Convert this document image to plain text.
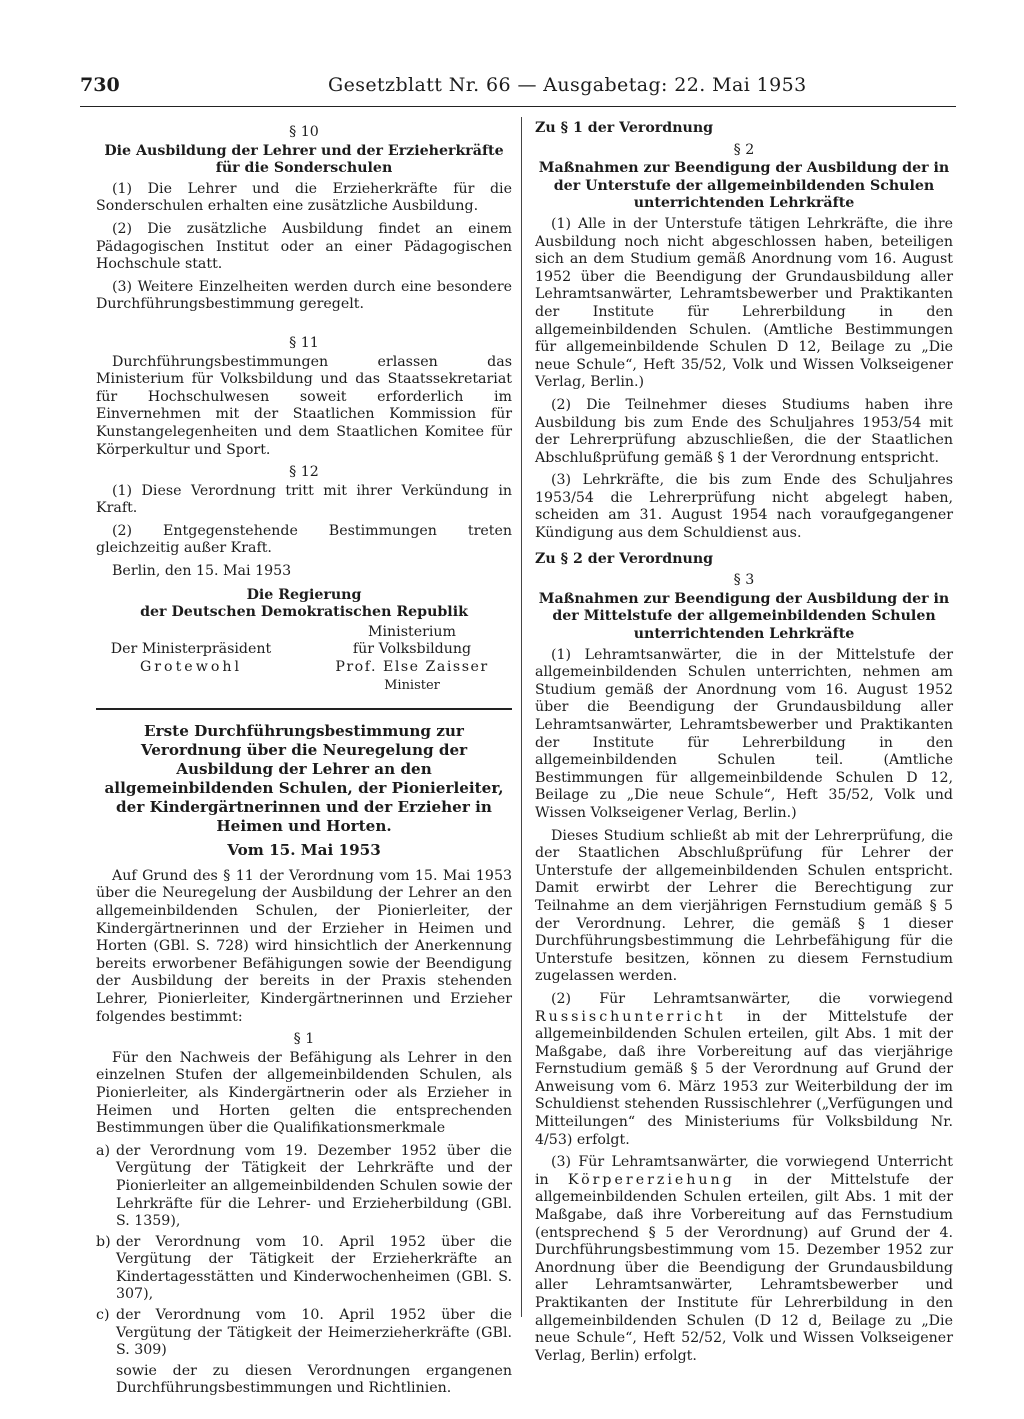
730	Gesetzblatt Nr. 66 — Ausgabetag: 22. Mai 1953

§ 10

Die Ausbildung der Lehrer und der Erzieherkräfte für die Sonderschulen

(1) Die Lehrer und die Erzieherkräfte für die Sonderschulen erhalten eine zusätzliche Ausbildung.

(2) Die zusätzliche Ausbildung findet an einem Pädagogischen Institut oder an einer Pädagogischen Hochschule statt.

(3) Weitere Einzelheiten werden durch eine besondere Durchführungsbestimmung geregelt.

§ 11

Durchführungsbestimmungen erlassen das Ministerium für Volksbildung und das Staatssekretariat für Hochschulwesen soweit erforderlich im Einvernehmen mit der Staatlichen Kommission für Kunstangelegenheiten und dem Staatlichen Komitee für Körperkultur und Sport.

§ 12

(1) Diese Verordnung tritt mit ihrer Verkündung in Kraft.

(2) Entgegenstehende Bestimmungen treten gleichzeitig außer Kraft.

Berlin, den 15. Mai 1953

Die Regierung
der Deutschen Demokratischen Republik
Der Ministerpräsident
Grotewohl
Ministerium
für Volksbildung
Prof. Else Zaisser
Minister

Erste Durchführungsbestimmung zur Verordnung über die Neuregelung der Ausbildung der Lehrer an den allgemeinbildenden Schulen, der Pionierleiter, der Kindergärtnerinnen und der Erzieher in Heimen und Horten.

Vom 15. Mai 1953

Auf Grund des § 11 der Verordnung vom 15. Mai 1953 über die Neuregelung der Ausbildung der Lehrer an den allgemeinbildenden Schulen, der Pionierleiter, der Kindergärtnerinnen und der Erzieher in Heimen und Horten (GBl. S. 728) wird hinsichtlich der Anerkennung bereits erworbener Befähigungen sowie der Beendigung der Ausbildung der bereits in der Praxis stehenden Lehrer, Pionierleiter, Kindergärtnerinnen und Erzieher folgendes bestimmt:

§ 1

Für den Nachweis der Befähigung als Lehrer in den einzelnen Stufen der allgemeinbildenden Schulen, als Pionierleiter, als Kindergärtnerin oder als Erzieher in Heimen und Horten gelten die entsprechenden Bestimmungen über die Qualifikationsmerkmale

a) der Verordnung vom 19. Dezember 1952 über die Vergütung der Tätigkeit der Lehrkräfte und der Pionierleiter an allgemeinbildenden Schulen sowie der Lehrkräfte für die Lehrer- und Erzieherbildung (GBl. S. 1359),

b) der Verordnung vom 10. April 1952 über die Vergütung der Tätigkeit der Erzieherkräfte an Kindertagesstätten und Kinderwochenheimen (GBl. S. 307),

c) der Verordnung vom 10. April 1952 über die Vergütung der Tätigkeit der Heimerzieherkräfte (GBl. S. 309)

sowie der zu diesen Verordnungen ergangenen Durchführungsbestimmungen und Richtlinien.

Zu § 1 der Verordnung

§ 2

Maßnahmen zur Beendigung der Ausbildung der in der Unterstufe der allgemeinbildenden Schulen unterrichtenden Lehrkräfte

(1) Alle in der Unterstufe tätigen Lehrkräfte, die ihre Ausbildung noch nicht abgeschlossen haben, beteiligen sich an dem Studium gemäß Anordnung vom 16. August 1952 über die Beendigung der Grundausbildung aller Lehramtsanwärter, Lehramtsbewerber und Praktikanten der Institute für Lehrerbildung in den allgemeinbildenden Schulen. (Amtliche Bestimmungen für allgemeinbildende Schulen D 12, Beilage zu „Die neue Schule“, Heft 35/52, Volk und Wissen Volkseigener Verlag, Berlin.)

(2) Die Teilnehmer dieses Studiums haben ihre Ausbildung bis zum Ende des Schuljahres 1953/54 mit der Lehrerprüfung abzuschließen, die der Staatlichen Abschlußprüfung gemäß § 1 der Verordnung entspricht.

(3) Lehrkräfte, die bis zum Ende des Schuljahres 1953/54 die Lehrerprüfung nicht abgelegt haben, scheiden am 31. August 1954 nach voraufgegangener Kündigung aus dem Schuldienst aus.

Zu § 2 der Verordnung

§ 3

Maßnahmen zur Beendigung der Ausbildung der in der Mittelstufe der allgemeinbildenden Schulen unterrichtenden Lehrkräfte

(1) Lehramtsanwärter, die in der Mittelstufe der allgemeinbildenden Schulen unterrichten, nehmen am Studium gemäß der Anordnung vom 16. August 1952 über die Beendigung der Grundausbildung aller Lehramtsanwärter, Lehramtsbewerber und Praktikanten der Institute für Lehrerbildung in den allgemeinbildenden Schulen teil. (Amtliche Bestimmungen für allgemeinbildende Schulen D 12, Beilage zu „Die neue Schule“, Heft 35/52, Volk und Wissen Volkseigener Verlag, Berlin.)

Dieses Studium schließt ab mit der Lehrerprüfung, die der Staatlichen Abschlußprüfung für Lehrer der Unterstufe der allgemeinbildenden Schulen entspricht. Damit erwirbt der Lehrer die Berechtigung zur Teilnahme an dem vierjährigen Fernstudium gemäß § 5 der Verordnung. Lehrer, die gemäß § 1 dieser Durchführungsbestimmung die Lehrbefähigung für die Unterstufe besitzen, können zu diesem Fernstudium zugelassen werden.

(2) Für Lehramtsanwärter, die vorwiegend Russischunterricht in der Mittelstufe der allgemeinbildenden Schulen erteilen, gilt Abs. 1 mit der Maßgabe, daß ihre Vorbereitung auf das vierjährige Fernstudium gemäß § 5 der Verordnung auf Grund der Anweisung vom 6. März 1953 zur Weiterbildung der im Schuldienst stehenden Russischlehrer („Verfügungen und Mitteilungen“ des Ministeriums für Volksbildung Nr. 4/53) erfolgt.

(3) Für Lehramtsanwärter, die vorwiegend Unterricht in Körpererziehung in der Mittelstufe der allgemeinbildenden Schulen erteilen, gilt Abs. 1 mit der Maßgabe, daß ihre Vorbereitung auf das Fernstudium (entsprechend § 5 der Verordnung) auf Grund der 4. Durchführungsbestimmung vom 15. Dezember 1952 zur Anordnung über die Beendigung der Grundausbildung aller Lehramtsanwärter, Lehramtsbewerber und Praktikanten der Institute für Lehrerbildung in den allgemeinbildenden Schulen (D 12 d, Beilage zu „Die neue Schule“, Heft 52/52, Volk und Wissen Volkseigener Verlag, Berlin) erfolgt.
